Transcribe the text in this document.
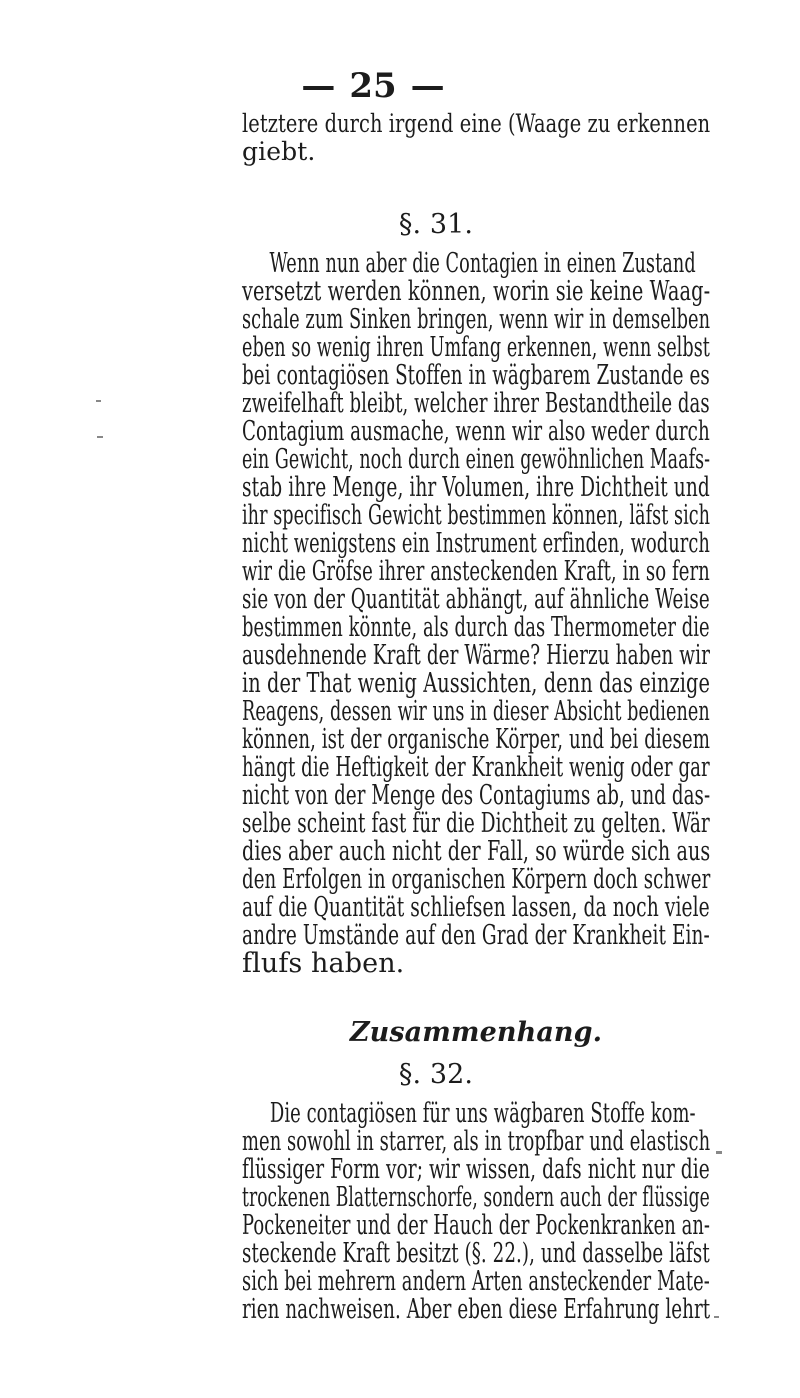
— 25 —
letztere durch irgend eine (Waage zu erkennen
giebt.
§. 31.
Wenn nun aber die Contagien in einen Zustand
versetzt werden können, worin sie keine Waag-
schale zum Sinken bringen, wenn wir in demselben
eben so wenig ihren Umfang erkennen, wenn selbst
bei contagiösen Stoffen in wägbarem Zustande es
zweifelhaft bleibt, welcher ihrer Bestandtheile das
Contagium ausmache, wenn wir also weder durch
ein Gewicht, noch durch einen gewöhnlichen Maafs-
stab ihre Menge, ihr Volumen, ihre Dichtheit und
ihr specifisch Gewicht bestimmen können, läfst sich
nicht wenigstens ein Instrument erfinden, wodurch
wir die Gröfse ihrer ansteckenden Kraft, in so fern
sie von der Quantität abhängt, auf ähnliche Weise
bestimmen könnte, als durch das Thermometer die
ausdehnende Kraft der Wärme? Hierzu haben wir
in der That wenig Aussichten, denn das einzige
Reagens, dessen wir uns in dieser Absicht bedienen
können, ist der organische Körper, und bei diesem
hängt die Heftigkeit der Krankheit wenig oder gar
nicht von der Menge des Contagiums ab, und das-
selbe scheint fast für die Dichtheit zu gelten. Wär
dies aber auch nicht der Fall, so würde sich aus
den Erfolgen in organischen Körpern doch schwer
auf die Quantität schliefsen lassen, da noch viele
andre Umstände auf den Grad der Krankheit Ein-
flufs haben.
Zusammenhang.
§. 32.
Die contagiösen für uns wägbaren Stoffe kom-
men sowohl in starrer, als in tropfbar und elastisch
flüssiger Form vor; wir wissen, dafs nicht nur die
trockenen Blatternschorfe, sondern auch der flüssige
Pockeneiter und der Hauch der Pockenkranken an-
steckende Kraft besitzt (§. 22.), und dasselbe läfst
sich bei mehrern andern Arten ansteckender Mate-
rien nachweisen. Aber eben diese Erfahrung lehrt
